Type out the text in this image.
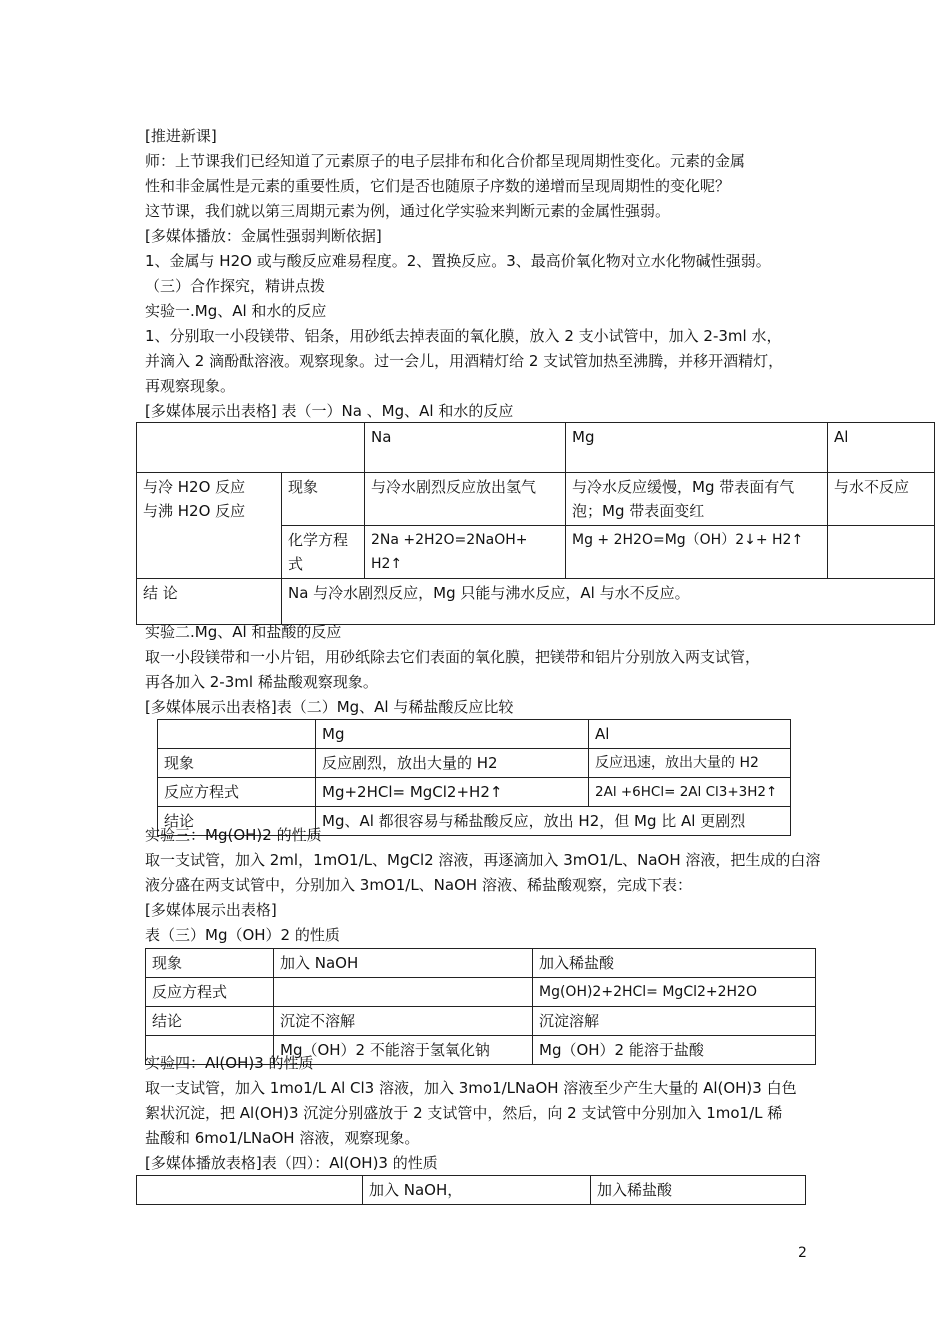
[推进新课]
师：上节课我们已经知道了元素原子的电子层排布和化合价都呈现周期性变化。元素的金属
性和非金属性是元素的重要性质，它们是否也随原子序数的递增而呈现周期性的变化呢？
这节课，我们就以第三周期元素为例，通过化学实验来判断元素的金属性强弱。
[多媒体播放：金属性强弱判断依据]
1、金属与 H2O 或与酸反应难易程度。2、置换反应。3、最高价氧化物对立水化物碱性强弱。
（三）合作探究，精讲点拨
实验一.Mg、Al 和水的反应
1、分别取一小段镁带、铝条，用砂纸去掉表面的氧化膜，放入 2 支小试管中，加入 2-3ml 水，
并滴入 2 滴酚酞溶液。观察现象。过一会儿，用酒精灯给 2 支试管加热至沸腾，并移开酒精灯，
再观察现象。
[多媒体展示出表格] 表（一）Na 、Mg、Al 和水的反应
		Na	Mg	Al
与冷 H2O 反应
与沸 H2O 反应	现象	与冷水剧烈反应放出氢气	与冷水反应缓慢，Mg 带表面有气泡；Mg 带表面变红	与水不反应
	化学方程式	2Na +2H2O=2NaOH+ H2↑	Mg + 2H2O=Mg（OH）2↓+ H2↑	
结 论	Na 与冷水剧烈反应，Mg 只能与沸水反应，Al 与水不反应。			
实验二.Mg、Al 和盐酸的反应
取一小段镁带和一小片铝，用砂纸除去它们表面的氧化膜，把镁带和铝片分别放入两支试管，
再各加入 2-3ml 稀盐酸观察现象。
[多媒体展示出表格]表（二）Mg、Al 与稀盐酸反应比较
	Mg	Al
现象	反应剧烈，放出大量的 H2	反应迅速，放出大量的 H2
反应方程式	Mg+2HCl= MgCl2+H2↑	2Al +6HCl= 2Al Cl3+3H2↑
结论	Mg、Al 都很容易与稀盐酸反应，放出 H2，但 Mg 比 Al 更剧烈	
实验三：Mg(OH)2 的性质
取一支试管，加入 2ml，1mO1/L、MgCl2 溶液，再逐滴加入 3mO1/L、NaOH 溶液，把生成的白溶
液分盛在两支试管中，分别加入 3mO1/L、NaOH 溶液、稀盐酸观察，完成下表：
[多媒体展示出表格]
表（三）Mg（OH）2 的性质
现象	加入 NaOH	加入稀盐酸
反应方程式		Mg(OH)2+2HCl= MgCl2+2H2O
结论	沉淀不溶解	沉淀溶解
	Mg（OH）2 不能溶于氢氧化钠	Mg（OH）2 能溶于盐酸
实验四：Al(OH)3 的性质
取一支试管，加入 1mo1/L Al Cl3 溶液，加入 3mo1/LNaOH 溶液至少产生大量的 Al(OH)3 白色
絮状沉淀，把 Al(OH)3 沉淀分别盛放于 2 支试管中，然后，向 2 支试管中分别加入 1mo1/L 稀
盐酸和 6mo1/LNaOH 溶液，观察现象。
[多媒体播放表格]表（四）：Al(OH)3 的性质
	加入 NaOH，	加入稀盐酸
2
